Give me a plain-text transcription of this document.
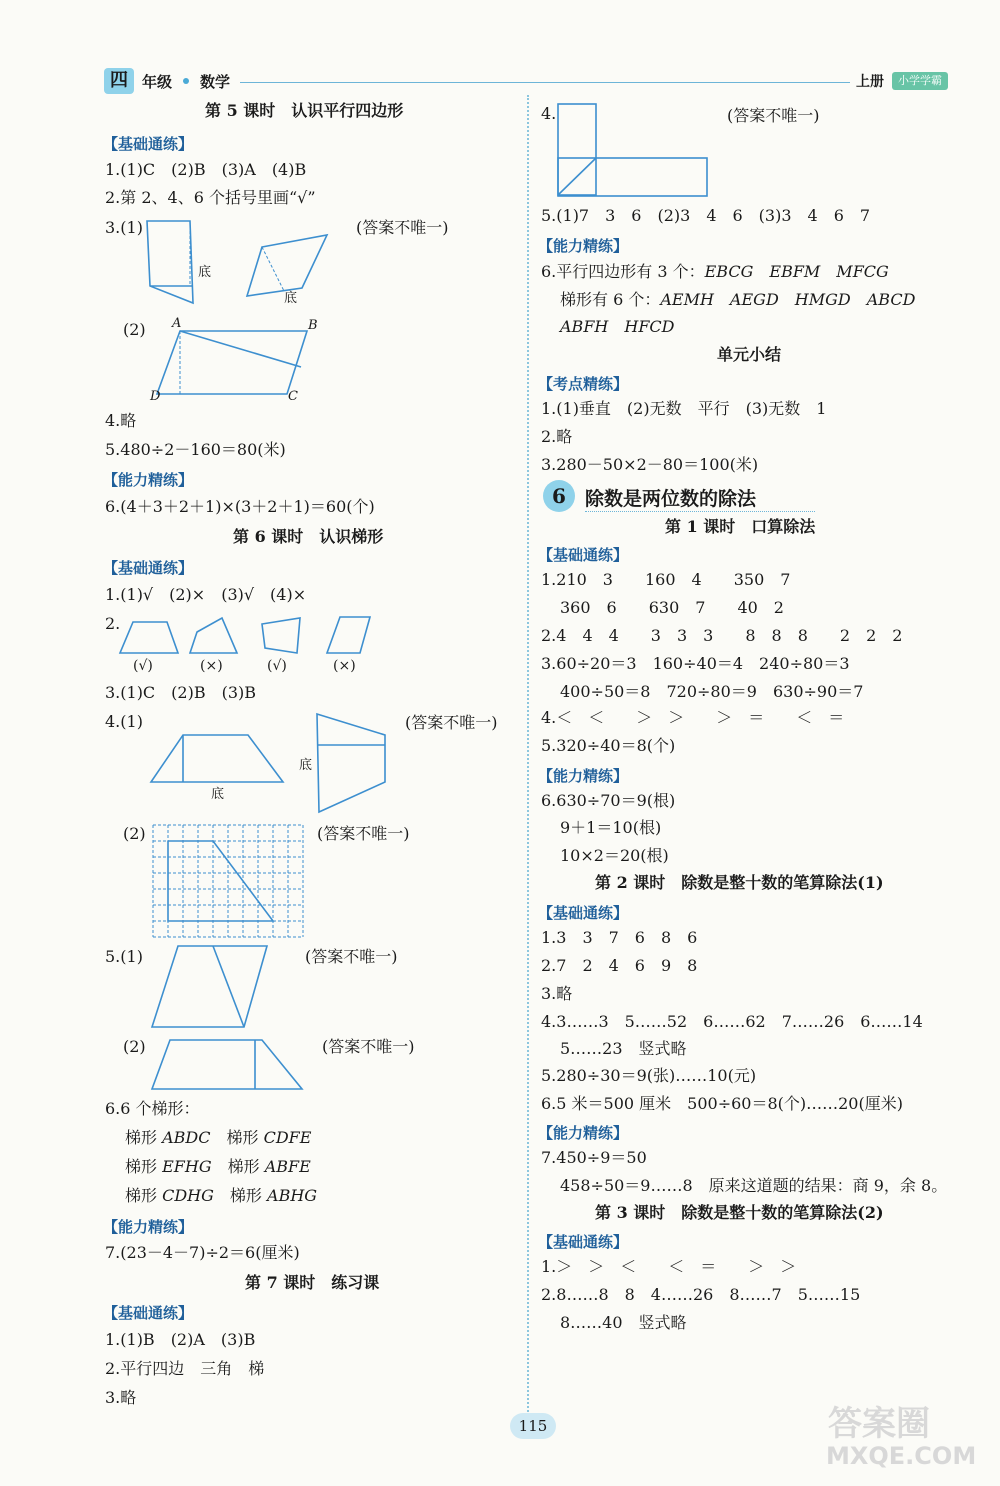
四 年级 数学	上册	小学学霸
第 5 课时　认识平行四边形
【基础通练】
1.(1)C　(2)B　(3)A　(4)B
2.第 2、4、6 个括号里画“√”
3.(1)	(答案不唯一)
底
底
(2) A	B
C
D
4.略
5.480÷2－160＝80(米)
【能力精练】
6.(4＋3＋2＋1)×(3＋2＋1)＝60(个)
第 6 课时　认识梯形
【基础通练】
1.(1)√　(2)×　(3)√　(4)×
2.
(√)	(×)	(√)	(×)
3.(1)C　(2)B　(3)B
4.(1)	(答案不唯一)
底
底
(2)	(答案不唯一)
5.(1)	(答案不唯一)
(2)	(答案不唯一)
6.6 个梯形：
梯形 ABDC　 梯形 CDFE
梯形 EFHG　 梯形 ABFE
梯形 CDHG　 梯形 ABHG
【能力精练】
7.(23－4－7)÷2＝6(厘米)
第 7 课时　练习课
【基础通练】
1.(1)B　(2)A　(3)B
2.平行四边　三角　梯
3.略
4.	(答案不唯一)
5.(1)7　3　6　(2)3　4　6　(3)3　4　6　7
【能力精练】
6.平行四边形有 3 个：EBCG　EBFM　MFCG
梯形有 6 个：AEMH　AEGD　HMGD　ABCD
ABFH　HFCD
单元小结
【考点精练】
1.(1)垂直　(2)无数　平行　(3)无数　1
2.略
3.280－50×2－80＝100(米)
6	除数是两位数的除法
第 1 课时　口算除法
【基础通练】
1.210　3　　160　4　　350　7
360　6　　630　7　　40　2
2.4　4　4　　3　3　3　　8　8　8　　2　2　2
3.60÷20＝3　160÷40＝4　240÷80＝3
400÷50＝8　720÷80＝9　630÷90＝7
4.＜　＜　　＞　＞　　＞　＝　　＜　＝
5.320÷40＝8(个)
【能力精练】
6.630÷70＝9(根)
9＋1＝10(根)
10×2＝20(根)
第 2 课时　除数是整十数的笔算除法(1)
【基础通练】
1.3　3　7　6　8　6
2.7　2　4　6　9　8
3.略
4.3……3　5……52　6……62　7……26　6……14
5……23　竖式略
5.280÷30＝9(张)……10(元)
6.5 米＝500 厘米　500÷60＝8(个)……20(厘米)
【能力精练】
7.450÷9＝50
458÷50＝9……8　原来这道题的结果：商 9，余 8。
第 3 课时　除数是整十数的笔算除法(2)
【基础通练】
1.＞　＞　＜　　＜　＝　　＞　＞
2.8……8　8　4……26　8……7　5……15
8……40　竖式略
115	答案圈
MXQE.COM
